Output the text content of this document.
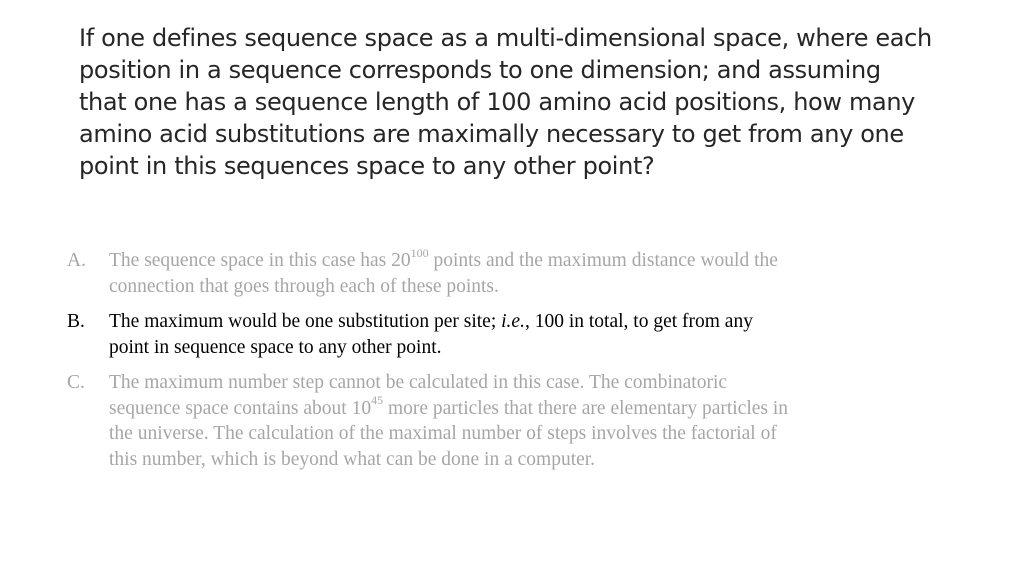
If one defines sequence space as a multi-dimensional space, where each
position in a sequence corresponds to one dimension; and assuming
that one has a sequence length of 100 amino acid positions, how many
amino acid substitutions are maximally necessary to get from any one
point in this sequences space to any other point?
A. The sequence space in this case has $20^{100}$ points and the maximum distance would the
connection that goes through each of these points.
B. The maximum would be one substitution per site; i.e., 100 in total, to get from any
point in sequence space to any other point.
C. The maximum number step cannot be calculated in this case. The combinatoric
sequence space contains about $10^{45}$ more particles that there are elementary particles in
the universe. The calculation of the maximal number of steps involves the factorial of
this number, which is beyond what can be done in a computer.
